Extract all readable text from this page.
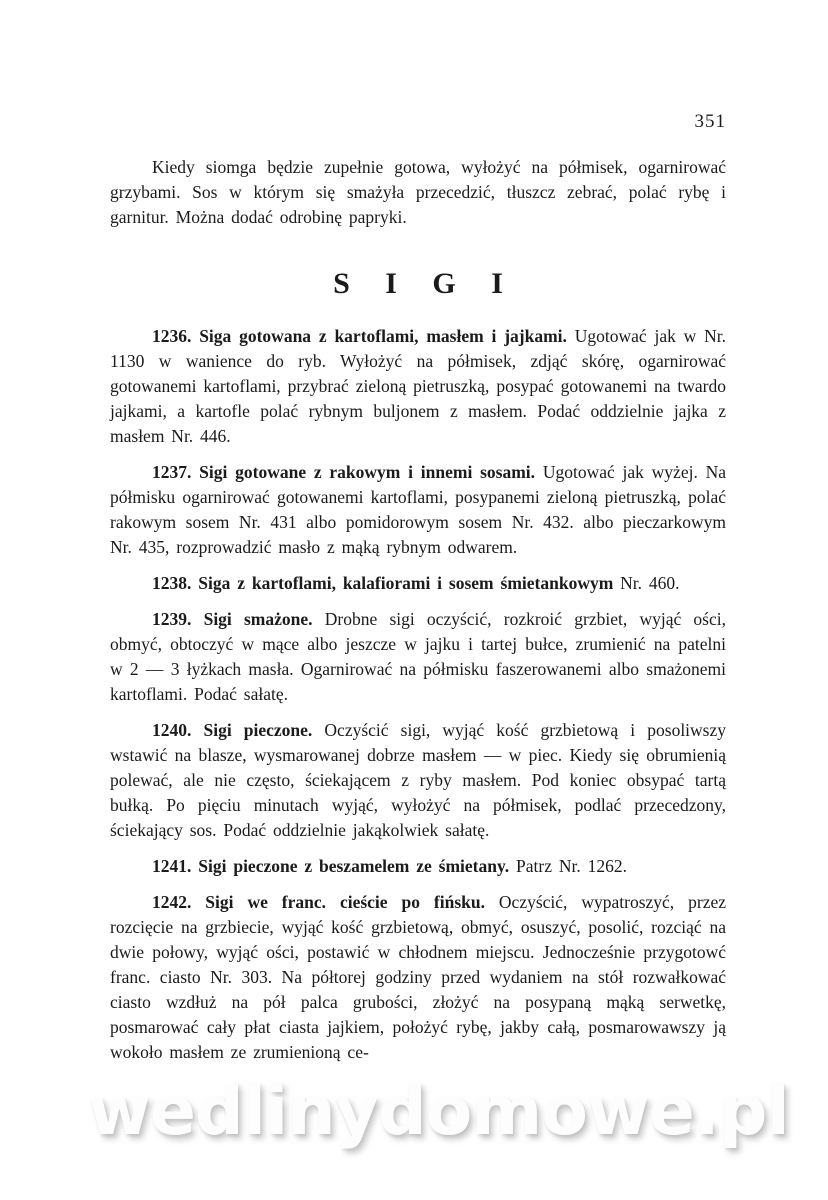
351

Kiedy siomga będzie zupełnie gotowa, wyłożyć na półmisek, ogarnirować grzybami. Sos w którym się smażyła przecedzić, tłuszcz zebrać, polać rybę i garnitur. Można dodać odrobinę papryki.

S I G I

1236. Siga gotowana z kartoflami, masłem i jajkami. Ugotować jak w Nr. 1130 w wanience do ryb. Wyłożyć na półmisek, zdjąć skórę, ogarnirować gotowanemi kartoflami, przybrać zieloną pietruszką, posypać gotowanemi na twardo jajkami, a kartofle polać rybnym buljonem z masłem. Podać oddzielnie jajka z masłem Nr. 446.

1237. Sigi gotowane z rakowym i innemi sosami. Ugotować jak wyżej. Na półmisku ogarnirować gotowanemi kartoflami, posypanemi zieloną pietruszką, polać rakowym sosem Nr. 431 albo pomidorowym sosem Nr. 432. albo pieczarkowym Nr. 435, rozprowadzić masło z mąką rybnym odwarem.

1238. Siga z kartoflami, kalafiorami i sosem śmietankowym Nr. 460.

1239. Sigi smażone. Drobne sigi oczyścić, rozkroić grzbiet, wyjąć ości, obmyć, obtoczyć w mące albo jeszcze w jajku i tartej bułce, zrumienić na patelni w 2 — 3 łyżkach masła. Ogarnirować na półmisku faszerowanemi albo smażonemi kartoflami. Podać sałatę.

1240. Sigi pieczone. Oczyścić sigi, wyjąć kość grzbietową i posoliwszy wstawić na blasze, wysmarowanej dobrze masłem — w piec. Kiedy się obrumienią polewać, ale nie często, ściekającem z ryby masłem. Pod koniec obsypać tartą bułką. Po pięciu minutach wyjąć, wyłożyć na półmisek, podlać przecedzony, ściekający sos. Podać oddzielnie jakąkolwiek sałatę.

1241. Sigi pieczone z beszamelem ze śmietany. Patrz Nr. 1262.

1242. Sigi we franc. cieście po fińsku. Oczyścić, wypatroszyć, przez rozcięcie na grzbiecie, wyjąć kość grzbietową, obmyć, osuszyć, posolić, rozciąć na dwie połowy, wyjąć ości, postawić w chłodnem miejscu. Jednocześnie przygotowć franc. ciasto Nr. 303. Na półtorej godziny przed wydaniem na stół rozwałkować ciasto wzdłuż na pół palca grubości, złożyć na posypaną mąką serwetkę, posmarować cały płat ciasta jajkiem, położyć rybę, jakby całą, posmarowawszy ją wokoło masłem ze zrumienioną ce-

wedlinydomowe.pl
